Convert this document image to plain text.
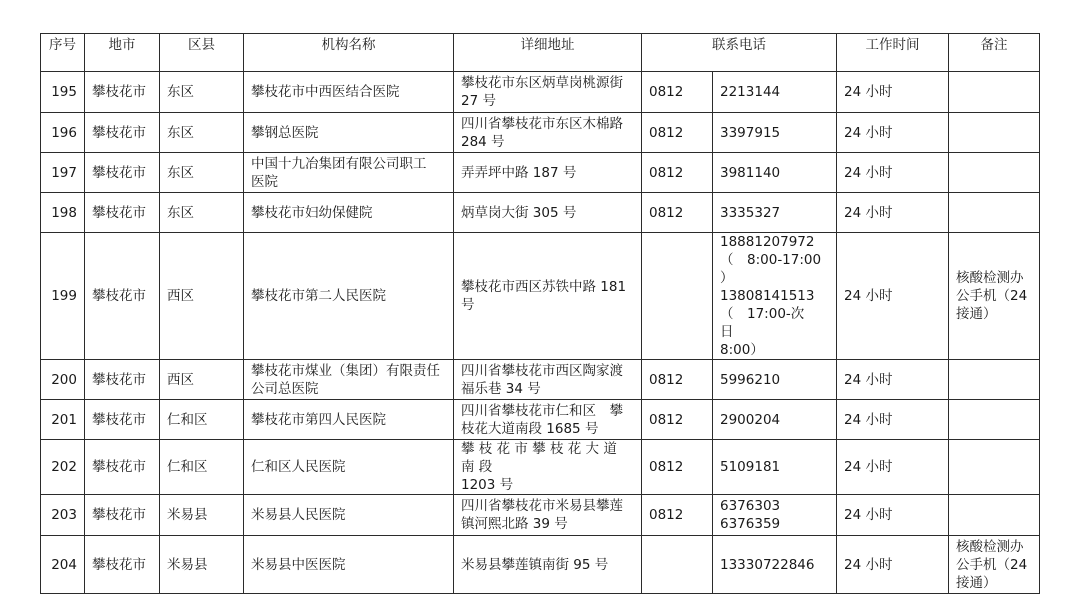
序号	地市	区县	机构名称	详细地址	联系电话		工作时间	备注
195	攀枝花市	东区	攀枝花市中西医结合医院	攀枝花市东区炳草岗桃源街
27 号	0812	2213144	24 小时	
196	攀枝花市	东区	攀钢总医院	四川省攀枝花市东区木棉路
284 号	0812	3397915	24 小时	
197	攀枝花市	东区	中国十九冶集团有限公司职工
医院	弄弄坪中路 187 号	0812	3981140	24 小时	
198	攀枝花市	东区	攀枝花市妇幼保健院	炳草岗大街 305 号	0812	3335327	24 小时	
199	攀枝花市	西区	攀枝花市第二人民医院	攀枝花市西区苏铁中路 181
号		18881207972
（　8:00-17:00　）
13808141513
（　17:00-次　日
8:00）	24 小时	核酸检测办
公手机（24
接通）
200	攀枝花市	西区	攀枝花市煤业（集团）有限责任
公司总医院	四川省攀枝花市西区陶家渡
福乐巷 34 号	0812	5996210	24 小时	
201	攀枝花市	仁和区	攀枝花市第四人民医院	四川省攀枝花市仁和区　攀
枝花大道南段 1685 号	0812	2900204	24 小时	
202	攀枝花市	仁和区	仁和区人民医院	攀 枝 花 市 攀 枝 花 大 道 南 段
1203 号	0812	5109181	24 小时	
203	攀枝花市	米易县	米易县人民医院	四川省攀枝花市米易县攀莲
镇河熙北路 39 号	0812	6376303
6376359	24 小时	
204	攀枝花市	米易县	米易县中医医院	米易县攀莲镇南街 95 号		13330722846	24 小时	核酸检测办
公手机（24
接通）
